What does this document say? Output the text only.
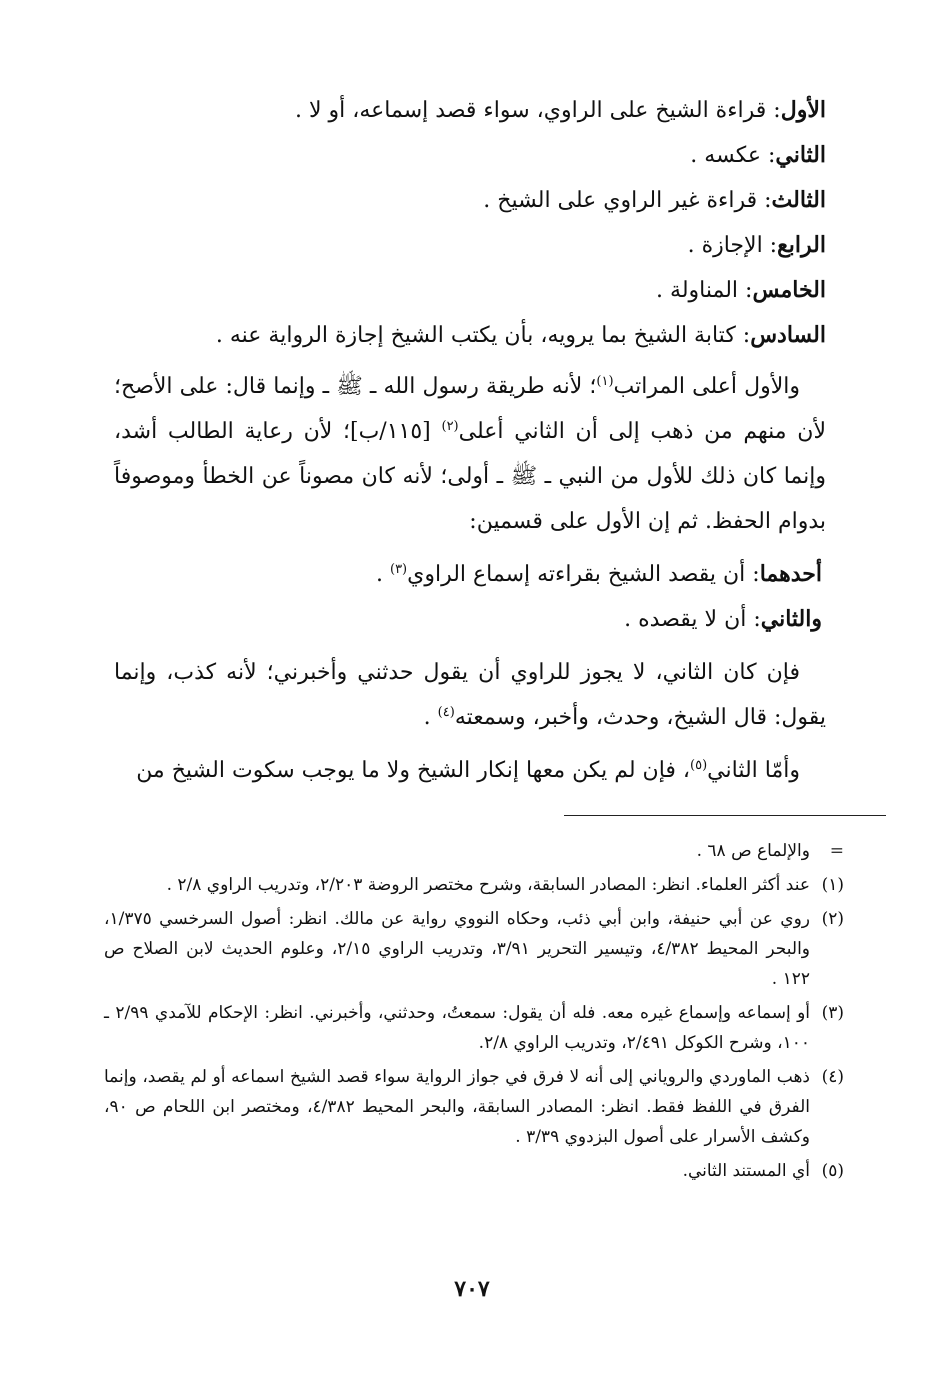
الأول: قراءة الشيخ على الراوي، سواء قصد إسماعه، أو لا .
الثاني: عكسه .
الثالث: قراءة غير الراوي على الشيخ .
الرابع: الإجازة .
الخامس: المناولة .
السادس: كتابة الشيخ بما يرويه، بأن يكتب الشيخ إجازة الرواية عنه .

والأول أعلى المراتب$^{(١)}$؛ لأنه طريقة رسول الله ـ ﷺ ـ وإنما قال: على الأصح؛ لأن منهم من ذهب إلى أن الثاني أعلى$^{(٢)}$ [١١٥/ب]؛ لأن رعاية الطالب أشد، وإنما كان ذلك للأول من النبي ـ ﷺ ـ أولى؛ لأنه كان مصوناً عن الخطأ وموصوفاً بدوام الحفظ. ثم إن الأول على قسمين:

أحدهما: أن يقصد الشيخ بقراءته إسماع الراوي$^{(٣)}$ .
والثاني: أن لا يقصده .

فإن كان الثاني، لا يجوز للراوي أن يقول حدثني وأخبرني؛ لأنه كذب، وإنما يقول: قال الشيخ، وحدث، وأخبر، وسمعته$^{(٤)}$ .

وأمّا الثاني$^{(٥)}$، فإن لم يكن معها إنكار الشيخ ولا ما يوجب سكوت الشيخ من

=
والإلماع ص ٦٨ .
(١)
عند أكثر العلماء. انظر: المصادر السابقة، وشرح مختصر الروضة ٢/٢٠٣، وتدريب الراوي ٢/٨ .
(٢)
روي عن أبي حنيفة، وابن أبي ذئب، وحكاه النووي رواية عن مالك. انظر: أصول السرخسي ١/٣٧٥، والبحر المحيط ٤/٣٨٢، وتيسير التحرير ٣/٩١، وتدريب الراوي ٢/١٥، وعلوم الحديث لابن الصلاح ص ١٢٢ .
(٣)
أو إسماعه وإسماع غيره معه. فله أن يقول: سمعتُ، وحدثني، وأخبرني. انظر: الإحكام للآمدي ٢/٩٩ ـ ١٠٠، وشرح الكوكل ٢/٤٩١، وتدريب الراوي ٢/٨.
(٤)
ذهب الماوردي والروياني إلى أنه لا فرق في جواز الرواية سواء قصد الشيخ اسماعه أو لم يقصد، وإنما الفرق في اللفظ فقط. انظر: المصادر السابقة، والبحر المحيط ٤/٣٨٢، ومختصر ابن اللحام ص ٩٠، وكشف الأسرار على أصول البزدوي ٣/٣٩ .
(٥)
أي المستند الثاني.
٧٠٧
